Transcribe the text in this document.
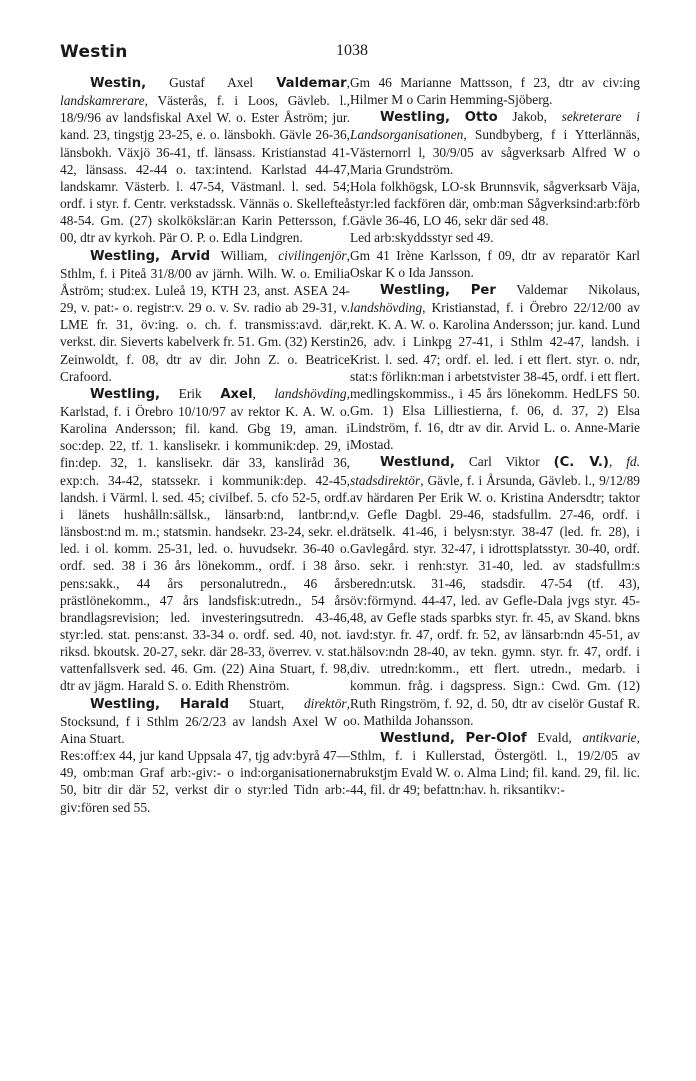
Westin	1038

Westin, Gustaf Axel Valdemar, landskamrerare, Västerås, f. i Loos, Gävleb. l., 18/9/96 av landsfiskal Axel W. o. Ester Åström; jur. kand. 23, tingstjg 23-25, e. o. länsbokh. Gävle 26-36, länsbokh. Växjö 36-41, tf. länsass. Kristianstad 41-42, länsass. 42-44 o. tax:intend. Karlstad 44-47, landskamr. Västerb. l. 47-54, Västmanl. l. sed. 54; ordf. i styr. f. Centr. verkstadssk. Vännäs o. Skellefteå 48-54. Gm. (27) skolkökslär:an Karin Pettersson, f. 00, dtr av kyrkoh. Pär O. P. o. Edla Lindgren.

Westling, Arvid William, civilingenjör, Sthlm, f. i Piteå 31/8/00 av järnh. Wilh. W. o. Emilia Åström; stud:ex. Luleå 19, KTH 23, anst. ASEA 24-29, v. pat:- o. registr:v. 29 o. v. Sv. radio ab 29-31, v. LME fr. 31, öv:ing. o. ch. f. transmiss:avd. där, verkst. dir. Sieverts kabelverk fr. 51. Gm. (32) Kerstin Zeinwoldt, f. 08, dtr av dir. John Z. o. Beatrice Crafoord.

Westling, Erik Axel, landshövding, Karlstad, f. i Örebro 10/10/97 av rektor K. A. W. o. Karolina Andersson; fil. kand. Gbg 19, aman. i soc:dep. 22, tf. 1. kanslisekr. i kommunik:dep. 29, i fin:dep. 32, 1. kanslisekr. där 33, kansliråd 36, exp:ch. 34-42, statssekr. i kommunik:dep. 42-45, landsh. i Värml. l. sed. 45; civilbef. 5. cfo 52-5, ordf. i länets hushålln:sällsk., länsarb:nd, lantbr:nd, länsbost:nd m. m.; statsmin. handsekr. 23-24, sekr. el. led. i ol. komm. 25-31, led. o. huvudsekr. 36-40 o. ordf. sed. 38 i 36 års lönekomm., ordf. i 38 års pens:sakk., 44 års personalutredn., 46 års prästlönekomm., 47 års landsfisk:utredn., 54 års brandlagsrevision; led. investeringsutredn. 43-46, styr:led. stat. pens:anst. 33-34 o. ordf. sed. 40, not. i riksd. bkoutsk. 20-27, sekr. där 28-33, överrev. v. stat. vattenfallsverk sed. 46. Gm. (22) Aina Stuart, f. 98, dtr av jägm. Harald S. o. Edith Rhenström.

Westling, Harald Stuart, direktör, Stocksund, f i Sthlm 26/2/23 av landsh Axel W o Aina Stuart.

Res:off:ex 44, jur kand Uppsala 47, tjg adv:byrå 47—49, omb:man Graf arb:-giv:- o ind:organisationerna 50, bitr dir där 52, verkst dir o styr:led Tidn arb:-giv:fören sed 55.

Gm 46 Marianne Mattsson, f 23, dtr av civ:ing Hilmer M o Carin Hemming-Sjöberg.

Westling, Otto Jakob, sekreterare i Landsorganisationen, Sundbyberg, f i Ytterlännäs, Västernorrl l, 30/9/05 av sågverksarb Alfred W o Maria Grundström.

Hola folkhögsk, LO-sk Brunnsvik, sågverksarb Väja, styr:led fackfören där, omb:man Sågverksind:arb:förb Gävle 36-46, LO 46, sekr där sed 48.

Led arb:skyddsstyr sed 49.

Gm 41 Irène Karlsson, f 09, dtr av reparatör Karl Oskar K o Ida Jansson.

Westling, Per Valdemar Nikolaus, landshövding, Kristianstad, f. i Örebro 22/12/00 av rekt. K. A. W. o. Karolina Andersson; jur. kand. Lund 26, adv. i Linkpg 27-41, i Sthlm 42-47, landsh. i Krist. l. sed. 47; ordf. el. led. i ett flert. styr. o. ndr, stat:s förlikn:man i arbetstvister 38-45, ordf. i ett flert. medlingskommiss., i 45 års lönekomm. HedLFS 50. Gm. 1) Elsa Lilliestierna, f. 06, d. 37, 2) Elsa Lindström, f. 16, dtr av dir. Arvid L. o. Anne-Marie Mostad.

Westlund, Carl Viktor (C. V.), fd. stadsdirektör, Gävle, f. i Årsunda, Gävleb. l., 9/12/89 av härdaren Per Erik W. o. Kristina Andersdtr; taktor v. Gefle Dagbl. 29-46, stadsfullm. 27-46, ordf. i drätselk. 41-46, i belysn:styr. 38-47 (led. fr. 28), i Gavlegård. styr. 32-47, i idrottsplatsstyr. 30-40, ordf. o. sekr. i renh:styr. 31-40, led. av stadsfullm:s beredn:utsk. 31-46, stadsdir. 47-54 (tf. 43), öv:förmynd. 44-47, led. av Gefle-Dala jvgs styr. 45-48, av Gefle stads sparbks styr. fr. 45, av Skand. bkns avd:styr. fr. 47, ordf. fr. 52, av länsarb:ndn 45-51, av hälsov:ndn 28-40, av tekn. gymn. styr. fr. 47, ordf. i div. utredn:komm., ett flert. utredn., medarb. i kommun. fråg. i dagspress. Sign.: Cwd. Gm. (12) Ruth Ringström, f. 92, d. 50, dtr av ciselör Gustaf R. o. Mathilda Johansson.

Westlund, Per-Olof Evald, antikvarie, Sthlm, f. i Kullerstad, Östergötl. l., 19/2/05 av brukstjm Evald W. o. Alma Lind; fil. kand. 29, fil. lic. 44, fil. dr 49; befattn:hav. h. riksantikv:-
